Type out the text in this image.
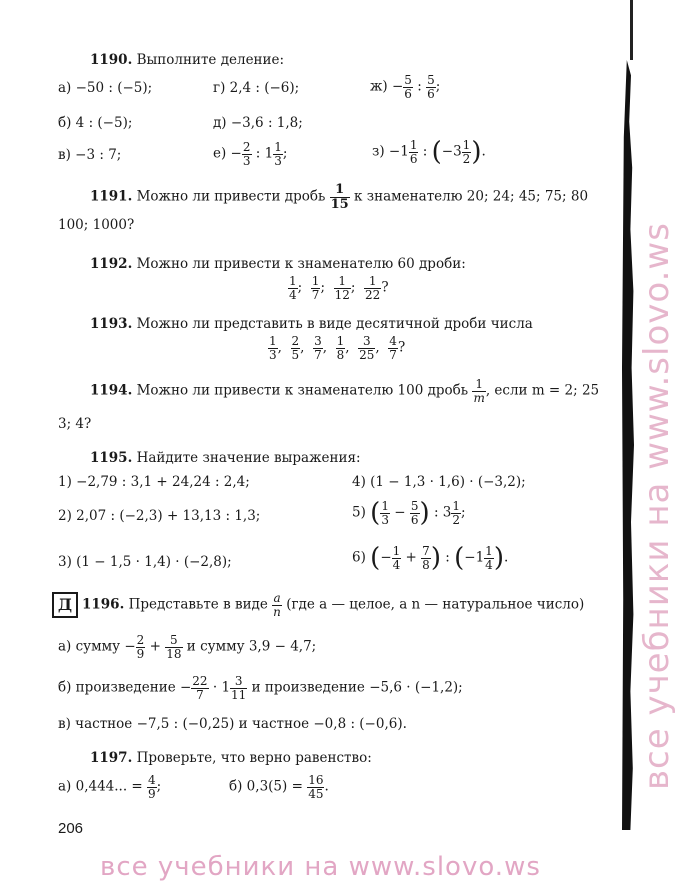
все учебники на www.slovo.ws
1190. Выполните деление:
а) −50 : (−5);	г) 2,4 : (−6);	$ж) - \frac{5}{6}$ : $\frac{5}{6}$ ;
б) 4 : (−5);	д) −3,6 : 1,8;
в) −3 : 7;	$е) - \frac{2}{3}$ : $1 \frac{1}{3}$ ;	$з) -1 \frac{1}{6}$ : ($-3 \frac{1}{2}$ ).
1191. Можно ли привести дробь $\frac{1}{15}$ к знаменателю 20; 24; 45; 75; 80
100; 1000?
1192. Можно ли привести к знаменателю 60 дроби:
$\frac{1}{4}$ ; $\frac{1}{7}$ ; $\frac{1}{12}$ ; $\frac{1}{22}$ ?
1193. Можно ли представить в виде десятичной дроби числа
$\frac{1}{3}$ , $\frac{2}{5}$ , $\frac{3}{7}$ , $\frac{1}{8}$ , $\frac{3}{25}$ , $\frac{4}{7}$ ?
1194. Можно ли привести к знаменателю 100 дробь $\frac{1}{m}$ , если m = 2; 25
3; 4?
1195. Найдите значение выражения:
1) −2,79 : 3,1 + 24,24 : 2,4;	4) (1 − 1,3 · 1,6) · (−3,2);
2) 2,07 : (−2,3) + 13,13 : 1,3;	5) ( $\frac{1}{3} - \frac{5}{6}$ ) : $3 \frac{1}{2}$ ;
3) (1 − 1,5 · 1,4) · (−2,8);	6) (− $\frac{1}{4} + \frac{7}{8}$ ) : ($-1 \frac{1}{4}$ ).
Д 1196. Представьте в виде $\frac{a}{n} (где$ a — целое, а n — натуральное число)
а) сумму − $\frac{2}{9} + \frac{5}{18}$ и сумму 3,9 − 4,7;
б) произведение − $\frac{22}{7} \cdot 1 \frac{3}{11}$ и произведение −5,6 · (−1,2);
в) частное −7,5 : (−0,25) и частное −0,8 : (−0,6).
1197. Проверьте, что верно равенство:
а) 0,444... = $\frac{4}{9}$ ;	б) $0,3(5) = \frac{16}{45}$ .
206
все учебники на www.slovo.ws
